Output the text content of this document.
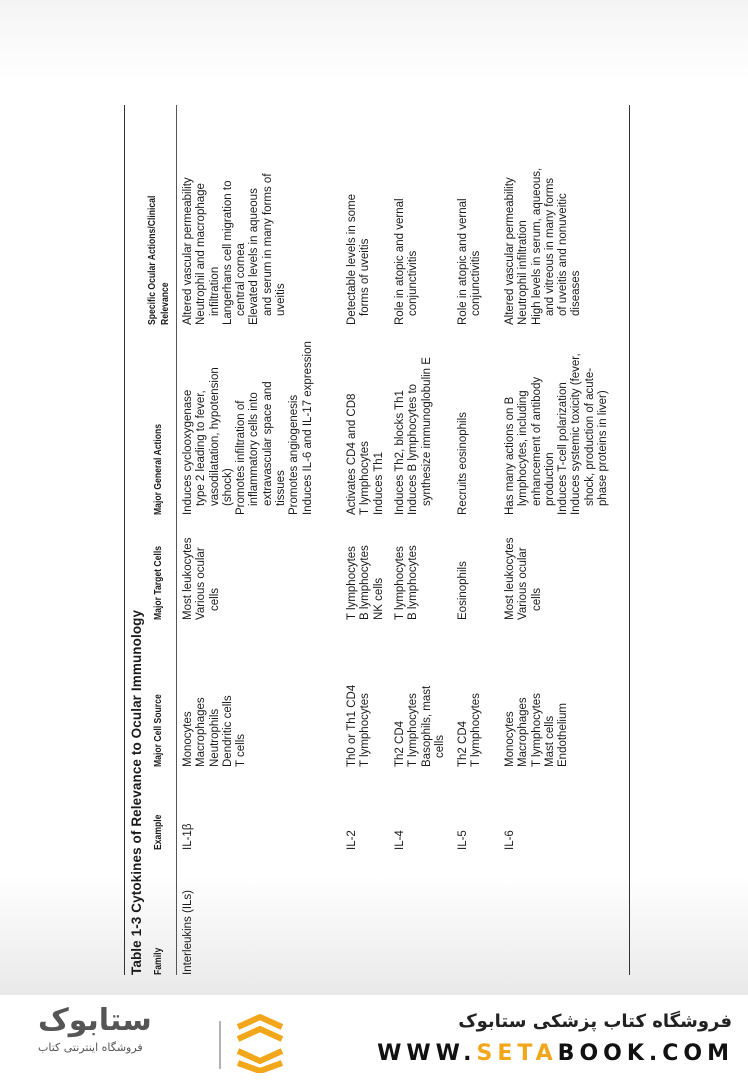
Table 1-3 Cytokines of Relevance to Ocular Immunology Family
Example
Major Cell Source
Major Target Cells
Major General Actions
Specific Ocular Actions/Clinical Relevance
Interleukins (ILs)
IL-1β
Monocytes Macrophages Neutrophils Dendritic cells T cells
Most leukocytes Various ocular cells
Induces cyclooxygenase type 2 leading to fever, vasodilatation, hypotension (shock) Promotes infiltration of inflammatory cells into extravascular space and tissues Promotes angiogenesis Induces IL-6 and IL-17 expression
Altered vascular permeability Neutrophil and macrophage infiltration Langerhans cell migration to central cornea Elevated levels in aqueous and serum in many forms of uveitis
IL-2
Th0 or Th1 CD4 T lymphocytes
T lymphocytes B lymphocytes NK cells
Activates CD4 and CD8 T lymphocytes Induces Th1
Detectable levels in some forms of uveitis
IL-4
Th2 CD4 T lymphocytes Basophils, mast cells
T lymphocytes B lymphocytes
Induces Th2, blocks Th1 Induces B lymphocytes to synthesize immunoglobulin E
Role in atopic and vernal conjunctivitis
IL-5
Th2 CD4 T lymphocytes
Eosinophils
Recruits eosinophils
Role in atopic and vernal conjunctivitis
IL-6
Monocytes Macrophages T lymphocytes Mast cells Endothelium
Most leukocytes Various ocular cells
Has many actions on B lymphocytes, including enhancement of antibody production Induces T-cell polarization Induces systemic toxicity (fever, shock, production of acute- phase proteins in liver)
Altered vascular permeability Neutrophil infiltration High levels in serum, aqueous, and vitreous in many forms of uveitis and nonuveitic diseases
ستابوک
فروشگاه اینترنتی کتاب
فروشگاه کتاب پزشکی ستابوک
WWW.SETABOOK.COM
